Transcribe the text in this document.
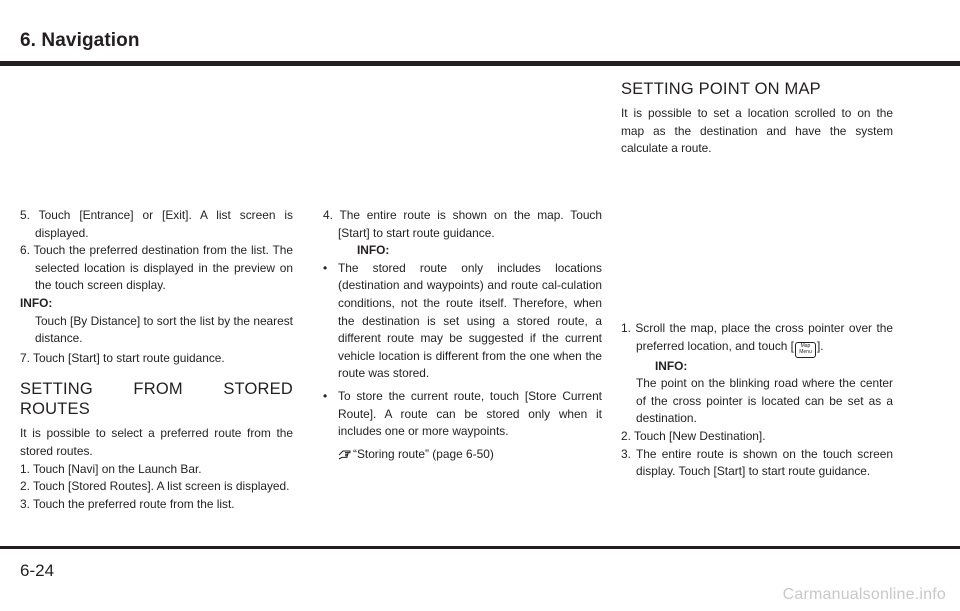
6. Navigation

5. Touch [Entrance] or [Exit]. A list screen is displayed.

6. Touch the preferred destination from the list. The selected location is displayed in the preview on the touch screen display.

INFO:

Touch [By Distance] to sort the list by the nearest distance.

7. Touch [Start] to start route guidance.

SETTING FROM STORED ROUTES

It is possible to select a preferred route from the stored routes.

1. Touch [Navi] on the Launch Bar.

2. Touch [Stored Routes]. A list screen is displayed.

3. Touch the preferred route from the list.

4. The entire route is shown on the map. Touch [Start] to start route guidance.

INFO:

• The stored route only includes locations (destination and waypoints) and route cal-culation conditions, not the route itself. Therefore, when the destination is set using a stored route, a different route may be suggested if the current vehicle location is different from the one when the route was stored.
• To store the current route, touch [Store Current Route]. A route can be stored only when it includes one or more waypoints.

“Storing route” (page 6-50)

SETTING POINT ON MAP

It is possible to set a location scrolled to on the map as the destination and have the system calculate a route.

1. Scroll the map, place the cross pointer over the preferred location, and touch [ Map
Menu ].

INFO:

The point on the blinking road where the center of the cross pointer is located can be set as a destination.

2. Touch [New Destination].

3. The entire route is shown on the touch screen display. Touch [Start] to start route guidance.

6-24
Carmanualsonline.info
